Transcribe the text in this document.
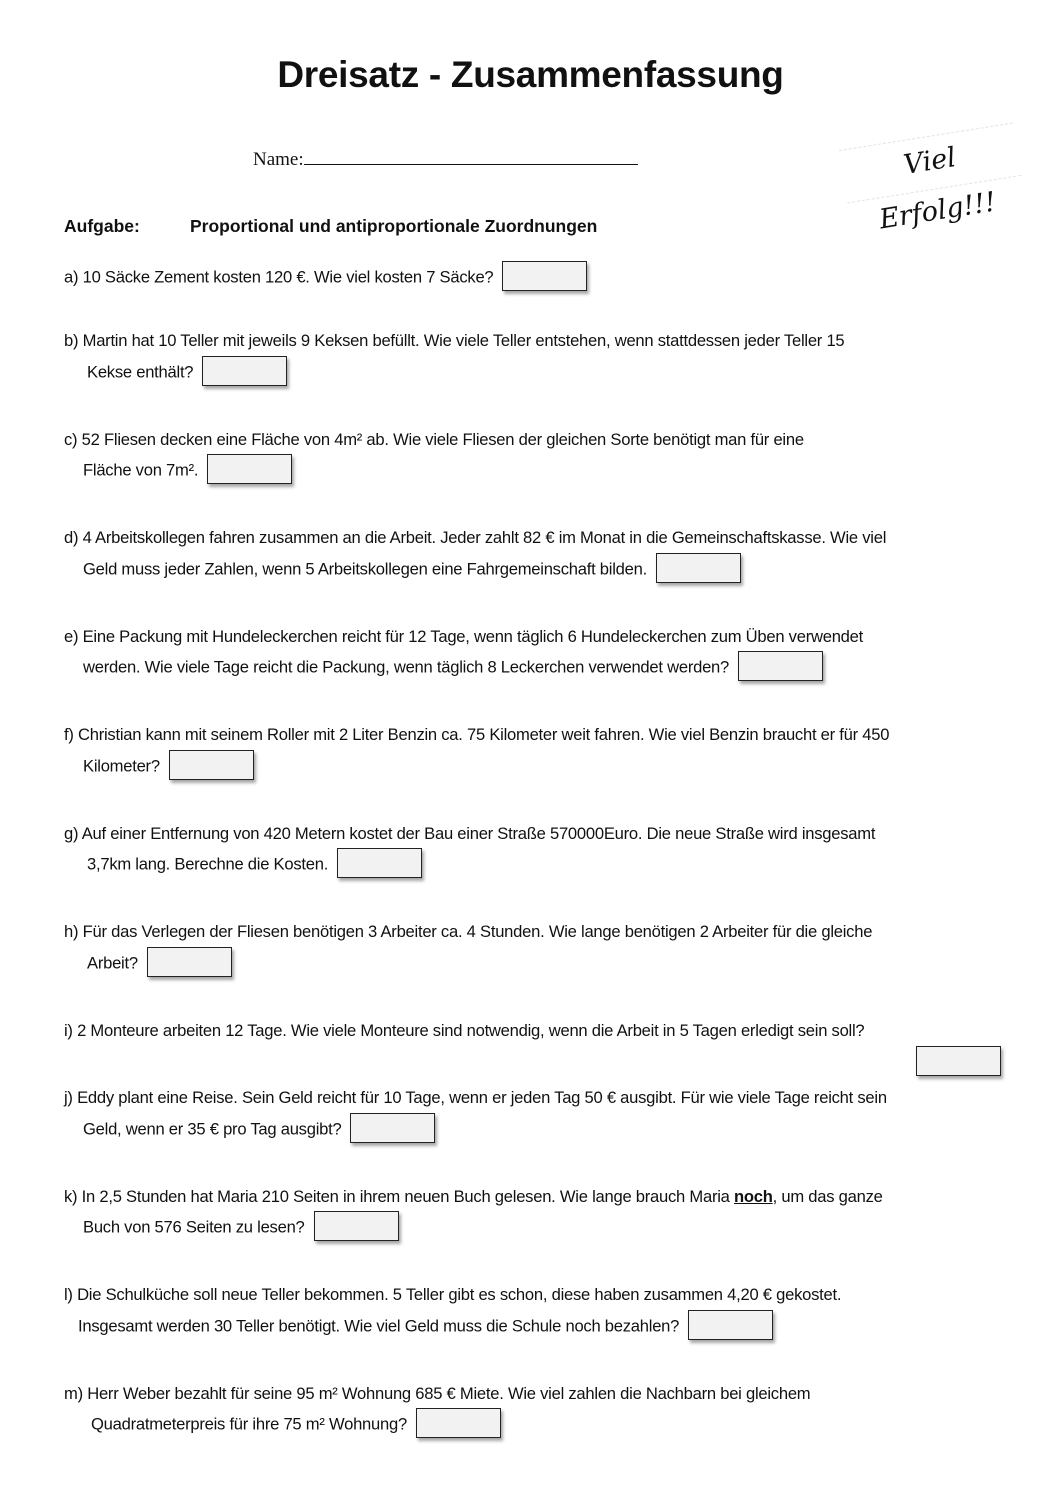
Dreisatz - Zusammenfassung
Name:	Viel Erfolg!!!
Aufgabe:	Proportional und antiproportionale Zuordnungen
a) 10 Säcke Zement kosten 120 €. Wie viel kosten 7 Säcke?
b) Martin hat 10 Teller mit jeweils 9 Keksen befüllt. Wie viele Teller entstehen, wenn stattdessen jeder Teller 15
Kekse enthält?
c) 52 Fliesen decken eine Fläche von 4m² ab. Wie viele Fliesen der gleichen Sorte benötigt man für eine
Fläche von 7m².
d) 4 Arbeitskollegen fahren zusammen an die Arbeit. Jeder zahlt 82 € im Monat in die Gemeinschaftskasse. Wie viel
Geld muss jeder Zahlen, wenn 5 Arbeitskollegen eine Fahrgemeinschaft bilden.
e) Eine Packung mit Hundeleckerchen reicht für 12 Tage, wenn täglich 6 Hundeleckerchen zum Üben verwendet
werden. Wie viele Tage reicht die Packung, wenn täglich 8 Leckerchen verwendet werden?
f) Christian kann mit seinem Roller mit 2 Liter Benzin ca. 75 Kilometer weit fahren. Wie viel Benzin braucht er für 450
Kilometer?
g) Auf einer Entfernung von 420 Metern kostet der Bau einer Straße 570000Euro. Die neue Straße wird insgesamt
3,7km lang. Berechne die Kosten.
h) Für das Verlegen der Fliesen benötigen 3 Arbeiter ca. 4 Stunden. Wie lange benötigen 2 Arbeiter für die gleiche
Arbeit?
i) 2 Monteure arbeiten 12 Tage. Wie viele Monteure sind notwendig, wenn die Arbeit in 5 Tagen erledigt sein soll?
j) Eddy plant eine Reise. Sein Geld reicht für 10 Tage, wenn er jeden Tag 50 € ausgibt. Für wie viele Tage reicht sein
Geld, wenn er 35 € pro Tag ausgibt?
k) In 2,5 Stunden hat Maria 210 Seiten in ihrem neuen Buch gelesen. Wie lange brauch Maria noch, um das ganze
Buch von 576 Seiten zu lesen?
l) Die Schulküche soll neue Teller bekommen. 5 Teller gibt es schon, diese haben zusammen 4,20 € gekostet.
Insgesamt werden 30 Teller benötigt. Wie viel Geld muss die Schule noch bezahlen?
m) Herr Weber bezahlt für seine 95 m² Wohnung 685 € Miete. Wie viel zahlen die Nachbarn bei gleichem
Quadratmeterpreis für ihre 75 m² Wohnung?
